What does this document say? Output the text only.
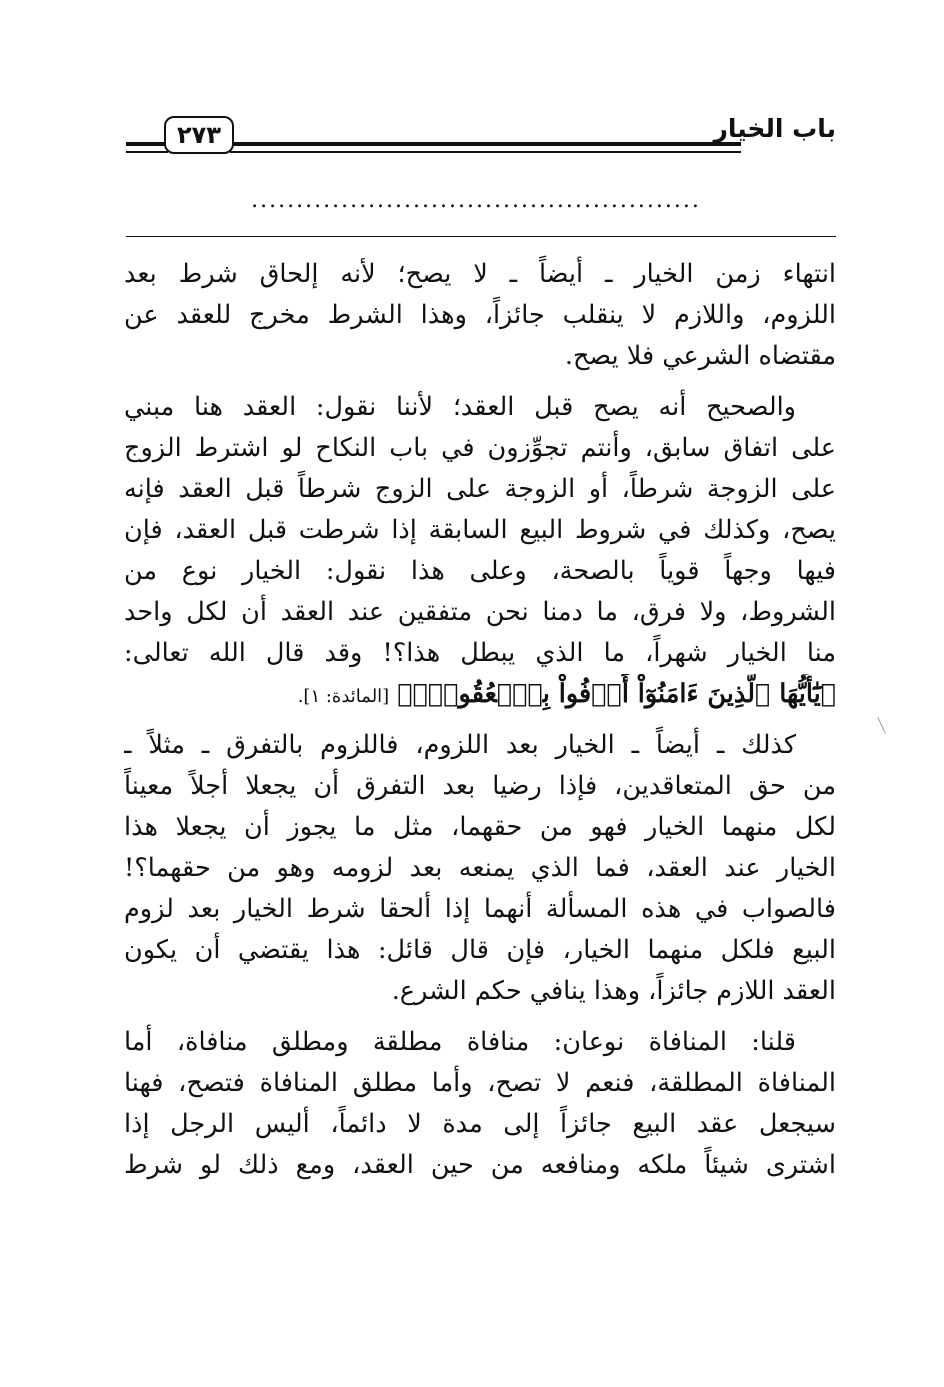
٢٧٣	باب الخيار
..................................................
انتهاء زمن الخيار ـ أيضاً ـ لا يصح؛ لأنه إلحاق شرط بعد
اللزوم، واللازم لا ينقلب جائزاً، وهذا الشرط مخرج للعقد عن
مقتضاه الشرعي فلا يصح.
والصحيح أنه يصح قبل العقد؛ لأننا نقول: العقد هنا مبني
على اتفاق سابق، وأنتم تجوِّزون في باب النكاح لو اشترط الزوج
على الزوجة شرطاً، أو الزوجة على الزوج شرطاً قبل العقد فإنه
يصح، وكذلك في شروط البيع السابقة إذا شرطت قبل العقد، فإن
فيها وجهاً قوياً بالصحة، وعلى هذا نقول: الخيار نوع من
الشروط، ولا فرق، ما دمنا نحن متفقين عند العقد أن لكل واحد
منا الخيار شهراً، ما الذي يبطل هذا؟! وقد قال الله تعالى:
﴿يَٰٓأَيُّهَا ٱلَّذِينَ ءَامَنُوٓاْ أَوۡفُواْ بِٱلۡعُقُودِۚ﴾ [المائدة: ١].
كذلك ـ أيضاً ـ الخيار بعد اللزوم، فاللزوم بالتفرق ـ مثلاً ـ
من حق المتعاقدين، فإذا رضيا بعد التفرق أن يجعلا أجلاً معيناً
لكل منهما الخيار فهو من حقهما، مثل ما يجوز أن يجعلا هذا
الخيار عند العقد، فما الذي يمنعه بعد لزومه وهو من حقهما؟!
فالصواب في هذه المسألة أنهما إذا ألحقا شرط الخيار بعد لزوم
البيع فلكل منهما الخيار، فإن قال قائل: هذا يقتضي أن يكون
العقد اللازم جائزاً، وهذا ينافي حكم الشرع.
قلنا: المنافاة نوعان: منافاة مطلقة ومطلق منافاة، أما
المنافاة المطلقة، فنعم لا تصح، وأما مطلق المنافاة فتصح، فهنا
سيجعل عقد البيع جائزاً إلى مدة لا دائماً، أليس الرجل إذا
اشترى شيئاً ملكه ومنافعه من حين العقد، ومع ذلك لو شرط
